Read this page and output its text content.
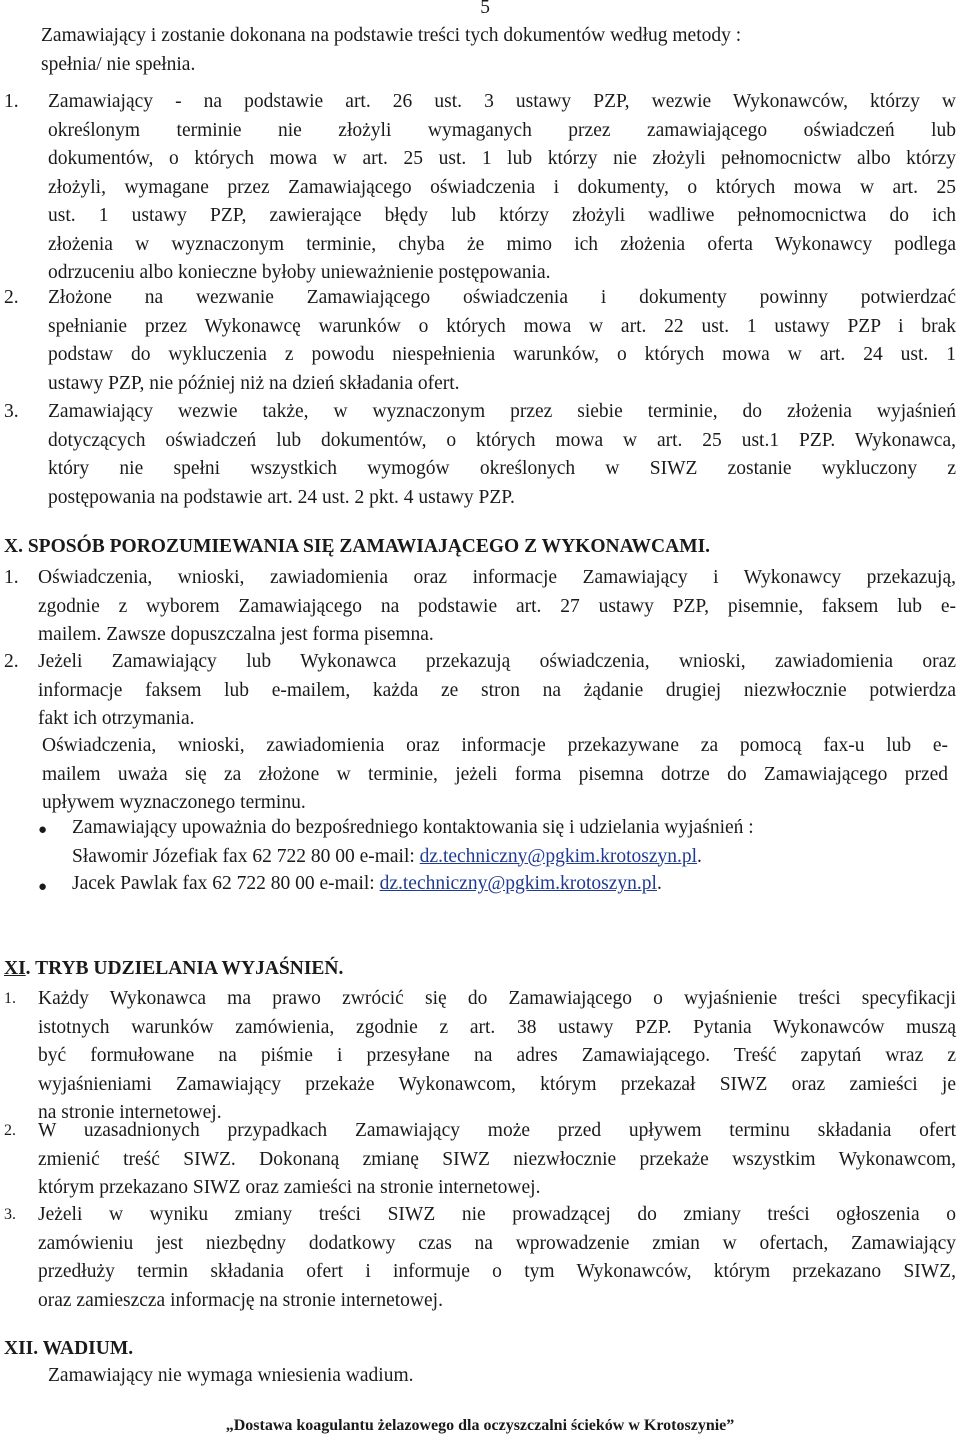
5
Zamawiający i zostanie dokonana na podstawie treści tych dokumentów według metody :
spełnia/ nie spełnia.
1. Zamawiający - na podstawie art. 26 ust. 3 ustawy PZP, wezwie Wykonawców, którzy w
określonym terminie nie złożyli wymaganych przez zamawiającego oświadczeń lub
dokumentów, o których mowa w art. 25 ust. 1 lub którzy nie złożyli pełnomocnictw albo którzy
złożyli, wymagane przez Zamawiającego oświadczenia i dokumenty, o których mowa w art. 25
ust. 1 ustawy PZP, zawierające błędy lub którzy złożyli wadliwe pełnomocnictwa do ich
złożenia w wyznaczonym terminie, chyba że mimo ich złożenia oferta Wykonawcy podlega
odrzuceniu albo konieczne byłoby unieważnienie postępowania.
2. Złożone na wezwanie Zamawiającego oświadczenia i dokumenty powinny potwierdzać
spełnianie przez Wykonawcę warunków o których mowa w art. 22 ust. 1 ustawy PZP i brak
podstaw do wykluczenia z powodu niespełnienia warunków, o których mowa w art. 24 ust. 1
ustawy PZP, nie później niż na dzień składania ofert.
3. Zamawiający wezwie także, w wyznaczonym przez siebie terminie, do złożenia wyjaśnień
dotyczących oświadczeń lub dokumentów, o których mowa w art. 25 ust.1 PZP. Wykonawca,
który nie spełni wszystkich wymogów określonych w SIWZ zostanie wykluczony z
postępowania na podstawie art. 24 ust. 2 pkt. 4 ustawy PZP.
X. SPOSÓB POROZUMIEWANIA SIĘ ZAMAWIAJĄCEGO Z WYKONAWCAMI.
1. Oświadczenia, wnioski, zawiadomienia oraz informacje Zamawiający i Wykonawcy przekazują,
zgodnie z wyborem Zamawiającego na podstawie art. 27 ustawy PZP, pisemnie, faksem lub e-
mailem. Zawsze dopuszczalna jest forma pisemna.
2. Jeżeli Zamawiający lub Wykonawca przekazują oświadczenia, wnioski, zawiadomienia oraz
informacje faksem lub e-mailem, każda ze stron na żądanie drugiej niezwłocznie potwierdza
fakt ich otrzymania.
Oświadczenia, wnioski, zawiadomienia oraz informacje przekazywane za pomocą fax-u lub e-
mailem uważa się za złożone w terminie, jeżeli forma pisemna dotrze do Zamawiającego przed
upływem wyznaczonego terminu.
● Zamawiający upoważnia do bezpośredniego kontaktowania się i udzielania wyjaśnień :
Sławomir Józefiak fax 62 722 80 00 e-mail: dz.techniczny@pgkim.krotoszyn.pl.
● Jacek Pawlak fax 62 722 80 00 e-mail: dz.techniczny@pgkim.krotoszyn.pl.
XI. TRYB UDZIELANIA WYJAŚNIEŃ.
1. Każdy Wykonawca ma prawo zwrócić się do Zamawiającego o wyjaśnienie treści specyfikacji
istotnych warunków zamówienia, zgodnie z art. 38 ustawy PZP. Pytania Wykonawców muszą
być formułowane na piśmie i przesyłane na adres Zamawiającego. Treść zapytań wraz z
wyjaśnieniami Zamawiający przekaże Wykonawcom, którym przekazał SIWZ oraz zamieści je
na stronie internetowej.
2. W uzasadnionych przypadkach Zamawiający może przed upływem terminu składania ofert
zmienić treść SIWZ. Dokonaną zmianę SIWZ niezwłocznie przekaże wszystkim Wykonawcom,
którym przekazano SIWZ oraz zamieści na stronie internetowej.
3. Jeżeli w wyniku zmiany treści SIWZ nie prowadzącej do zmiany treści ogłoszenia o
zamówieniu jest niezbędny dodatkowy czas na wprowadzenie zmian w ofertach, Zamawiający
przedłuży termin składania ofert i informuje o tym Wykonawców, którym przekazano SIWZ,
oraz zamieszcza informację na stronie internetowej.
XII. WADIUM.
Zamawiający nie wymaga wniesienia wadium.
„Dostawa koagulantu żelazowego dla oczyszczalni ścieków w Krotoszynie”
